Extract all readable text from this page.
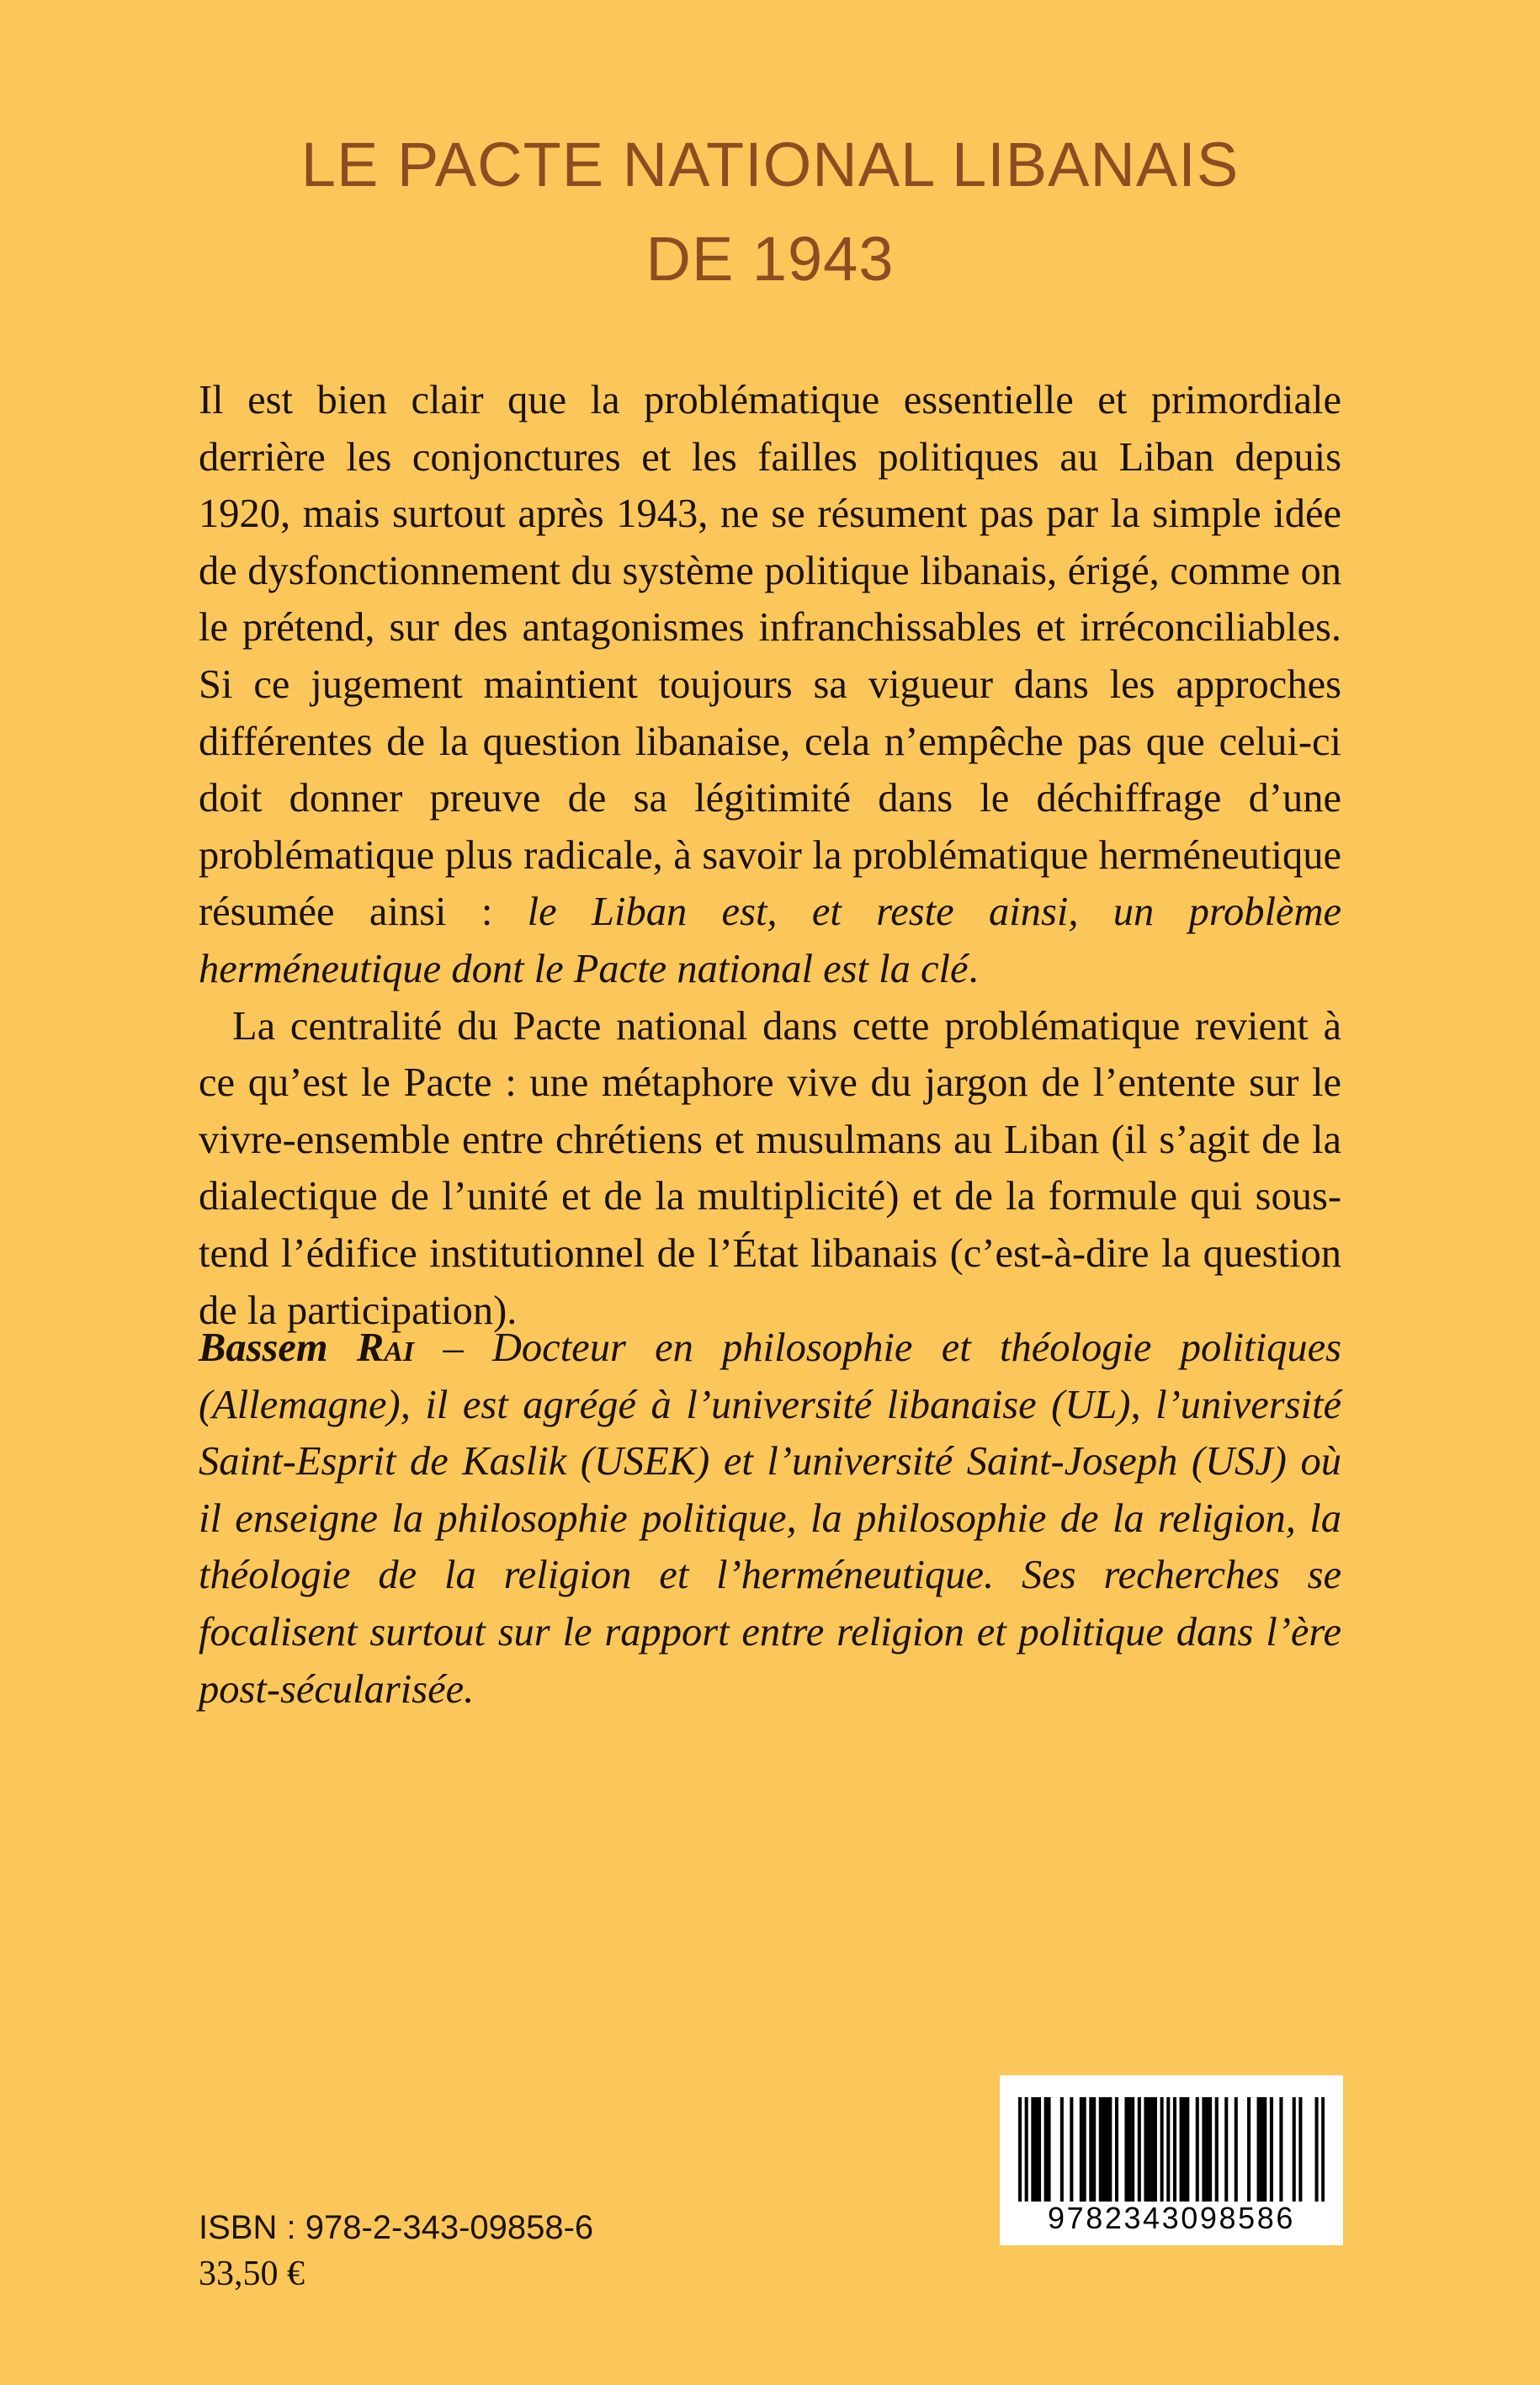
LE PACTE NATIONAL LIBANAIS
DE 1943

Il est bien clair que la problématique essentielle et primordiale derrière les conjonctures et les failles politiques au Liban depuis 1920, mais surtout après 1943, ne se résument pas par la simple idée de dysfonctionnement du système politique libanais, érigé, comme on le prétend, sur des antagonismes infranchissables et irréconciliables. Si ce jugement maintient toujours sa vigueur dans les approches différentes de la question libanaise, cela n’empêche pas que celui-ci doit donner preuve de sa légitimité dans le déchiffrage d’une problématique plus radicale, à savoir la problématique herméneutique résumée ainsi : le Liban est, et reste ainsi, un problème herméneutique dont le Pacte national est la clé.

La centralité du Pacte national dans cette problématique revient à ce qu’est le Pacte : une métaphore vive du jargon de l’entente sur le vivre-ensemble entre chrétiens et musulmans au Liban (il s’agit de la dialectique de l’unité et de la multiplicité) et de la formule qui sous-tend l’édifice institutionnel de l’État libanais (c’est-à-dire la question de la participation).

Bassem Rai – Docteur en philosophie et théologie politiques (Allemagne), il est agrégé à l’université libanaise (UL), l’université Saint-Esprit de Kaslik (USEK) et l’université Saint-Joseph (USJ) où il enseigne la philosophie politique, la philosophie de la religion, la théologie de la religion et l’herméneutique. Ses recherches se focalisent surtout sur le rapport entre religion et politique dans l’ère post-sécularisée.

9782343098586
ISBN : 978-2-343-09858-6
33,50 €
